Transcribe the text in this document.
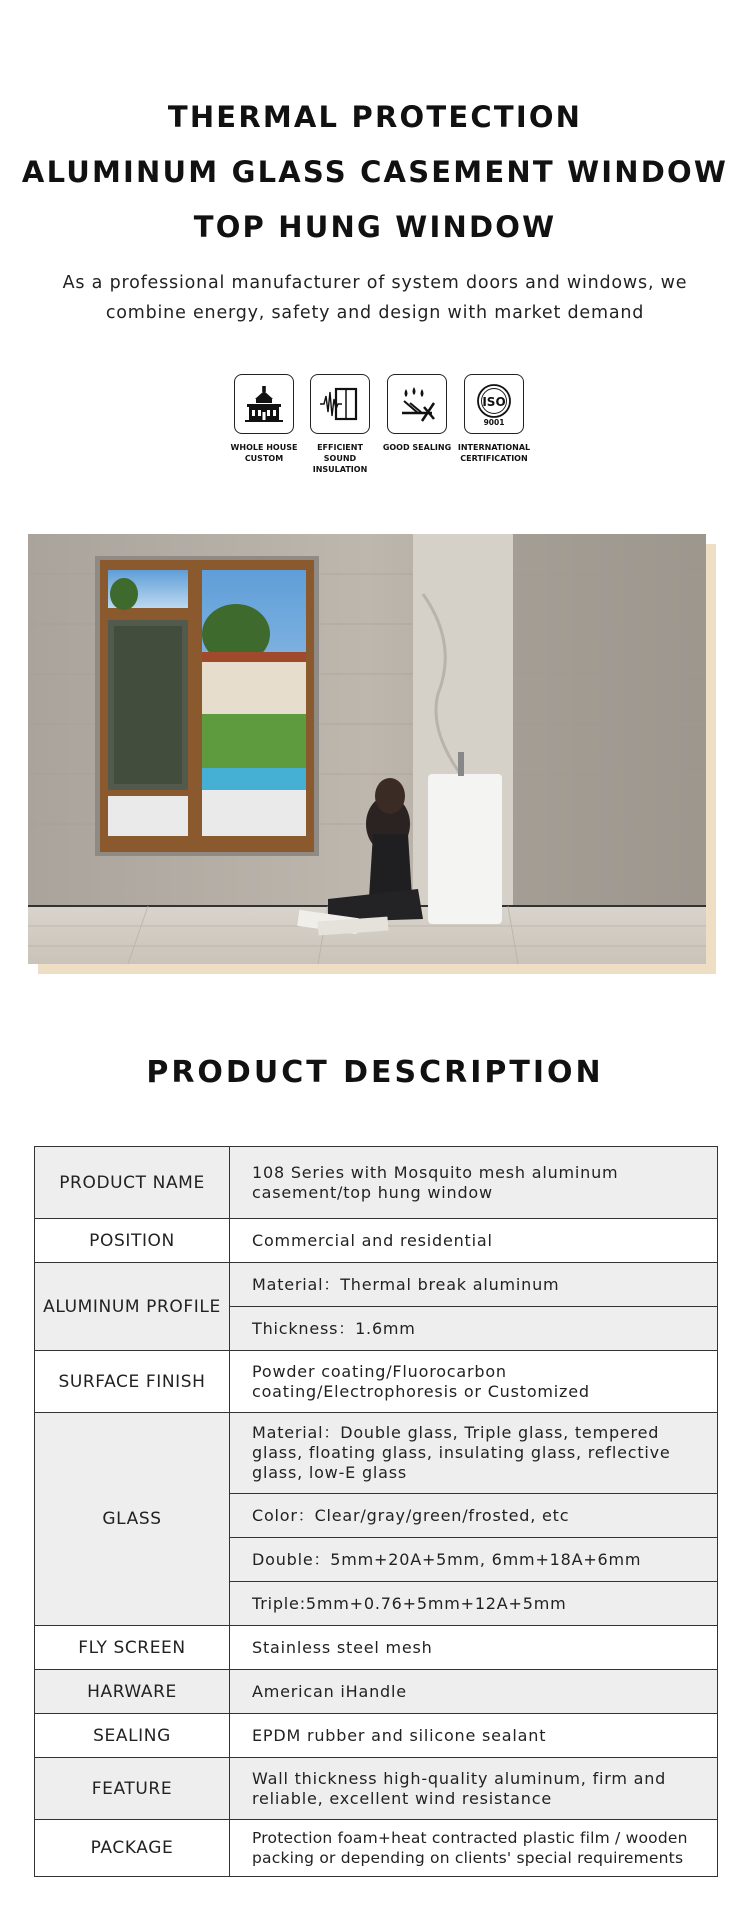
THERMAL PROTECTION
ALUMINUM GLASS CASEMENT WINDOW
TOP HUNG WINDOW
As a professional manufacturer of system doors and windows, we combine energy, safety and design with market demand
WHOLE HOUSE
CUSTOM
EFFICIENT SOUND
INSULATION
GOOD SEALING

ISO
9001
INTERNATIONAL
CERTIFICATION
PRODUCT DESCRIPTION
PRODUCT NAME	108 Series with Mosquito mesh aluminum casement/top hung window
POSITION	Commercial and residential
ALUMINUM PROFILE	Material：Thermal break aluminum
	Thickness：1.6mm
SURFACE FINISH	Powder coating/Fluorocarbon coating/Electrophoresis or Customized
GLASS	Material：Double glass, Triple glass, tempered glass, floating glass, insulating glass, reflective glass, low-E glass
	Color：Clear/gray/green/frosted, etc
	Double：5mm+20A+5mm, 6mm+18A+6mm
	Triple:5mm+0.76+5mm+12A+5mm
FLY SCREEN	Stainless steel mesh
HARWARE	American iHandle
SEALING	EPDM rubber and silicone sealant
FEATURE	Wall thickness high-quality aluminum, firm and reliable, excellent wind resistance
PACKAGE	Protection foam+heat contracted plastic film / wooden packing or depending on clients' special requirements
